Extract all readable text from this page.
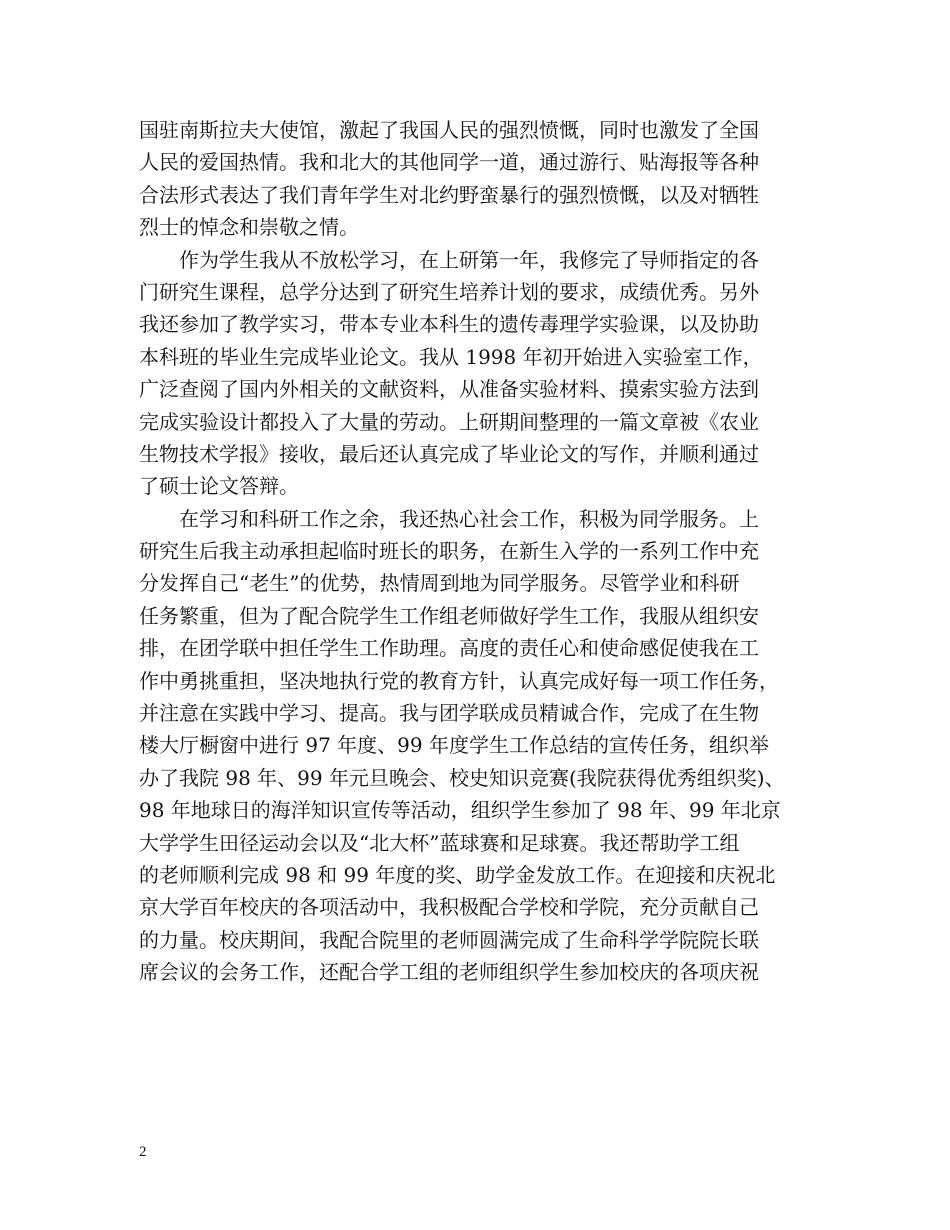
国驻南斯拉夫大使馆，激起了我国人民的强烈愤慨，同时也激发了全国
人民的爱国热情。我和北大的其他同学一道，通过游行、贴海报等各种
合法形式表达了我们青年学生对北约野蛮暴行的强烈愤慨，以及对牺牲
烈士的悼念和崇敬之情。
作为学生我从不放松学习，在上研第一年，我修完了导师指定的各
门研究生课程，总学分达到了研究生培养计划的要求，成绩优秀。另外
我还参加了教学实习，带本专业本科生的遗传毒理学实验课，以及协助
本科班的毕业生完成毕业论文。我从 1998 年初开始进入实验室工作，
广泛查阅了国内外相关的文献资料，从准备实验材料、摸索实验方法到
完成实验设计都投入了大量的劳动。上研期间整理的一篇文章被《农业
生物技术学报》接收，最后还认真完成了毕业论文的写作，并顺利通过
了硕士论文答辩。
在学习和科研工作之余，我还热心社会工作，积极为同学服务。上
研究生后我主动承担起临时班长的职务，在新生入学的一系列工作中充
分发挥自己“老生”的优势，热情周到地为同学服务。尽管学业和科研
任务繁重，但为了配合院学生工作组老师做好学生工作，我服从组织安
排，在团学联中担任学生工作助理。高度的责任心和使命感促使我在工
作中勇挑重担，坚决地执行党的教育方针，认真完成好每一项工作任务，
并注意在实践中学习、提高。我与团学联成员精诚合作，完成了在生物
楼大厅橱窗中进行 97 年度、99 年度学生工作总结的宣传任务，组织举
办了我院 98 年、99 年元旦晚会、校史知识竞赛(我院获得优秀组织奖)、
98 年地球日的海洋知识宣传等活动，组织学生参加了 98 年、99 年北京
大学学生田径运动会以及“北大杯”蓝球赛和足球赛。我还帮助学工组
的老师顺利完成 98 和 99 年度的奖、助学金发放工作。在迎接和庆祝北
京大学百年校庆的各项活动中，我积极配合学校和学院，充分贡献自己
的力量。校庆期间，我配合院里的老师圆满完成了生命科学学院院长联
席会议的会务工作，还配合学工组的老师组织学生参加校庆的各项庆祝
2
